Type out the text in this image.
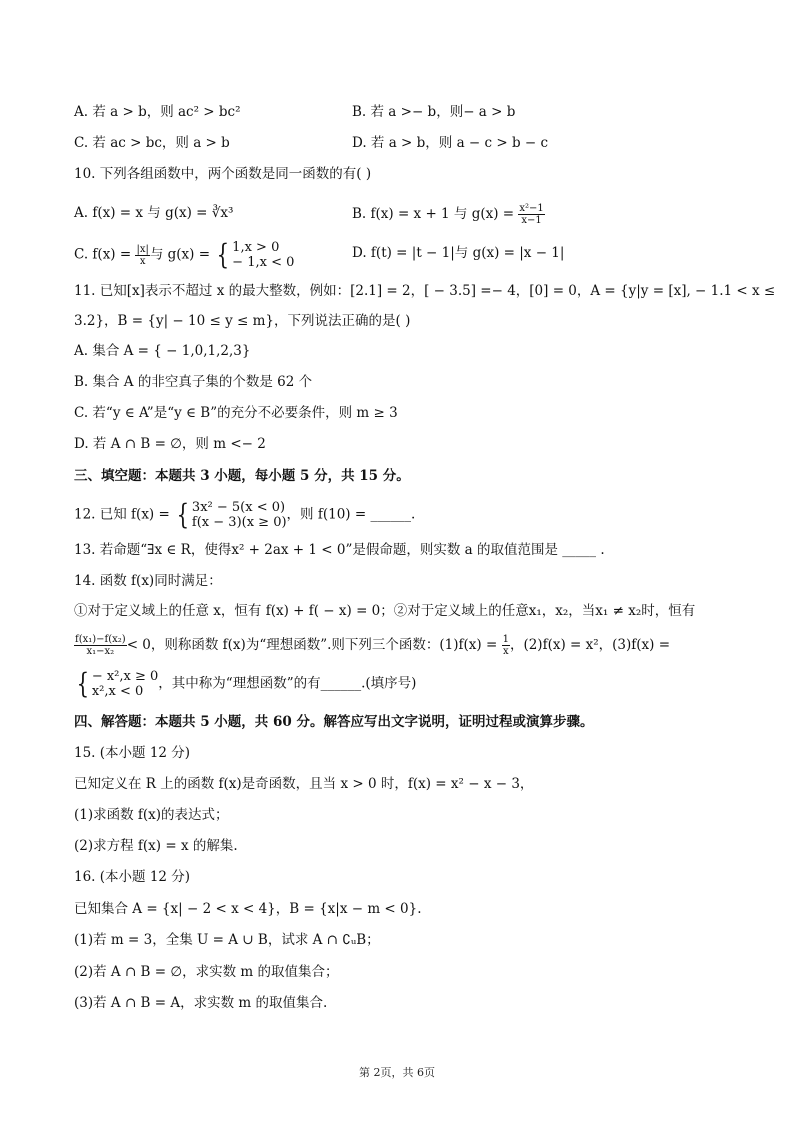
A. 若 a > b，则 ac² > bc²	B. 若 a >− b，则− a > b
C. 若 ac > bc，则 a > b	D. 若 a > b，则 a − c > b − c
10. 下列各组函数中，两个函数是同一函数的有( )
A. f(x) = x 与 g(x) = ∛x³	B. f(x) = x + 1 与 $g(x) = \frac{\text{x²−1}}{x-1}$
C. $f(x) = \frac{|x|}{x}$ 与 g(x) = { 1,x > 0
− 1,x < 0
D. f(t) = |t − 1|与 g(x) = |x − 1|
11. 已知[x]表示不超过 x 的最大整数，例如：[2.1] = 2，[ − 3.5] =− 4，[0] = 0，A = {y|y = [x], − 1.1 < x ≤
3.2}，B = {y| − 10 ≤ y ≤ m}，下列说法正确的是( )
A. 集合 A = { − 1,0,1,2,3}
B. 集合 A 的非空真子集的个数是 62 个
C. 若“y ∈ A”是“y ∈ B”的充分不必要条件，则 m ≥ 3
D. 若 A ∩ B = ∅，则 m <− 2
三、填空题：本题共 3 小题，每小题 5 分，共 15 分。
12. 已知 f(x) = { 3x² − 5(x < 0)
f(x − 3)(x ≥ 0) ，则 f(10) = ______.
13. 若命题“∃x ∈ R，使得x² + 2ax + 1 < 0”是假命题，则实数 a 的取值范围是 _____ .
14. 函数 f(x)同时满足：
①对于定义域上的任意 x，恒有 f(x) + f( − x) = 0；②对于定义域上的任意x₁，x₂，当x₁ ≠ x₂时，恒有
$\frac{\text{f(x₁)−f(x₂)}}{\text{x₁−x₂}} < 0$，则称函数 f(x)为“理想函数”.则下列三个函数：$(1)f(x) = \frac{1}{x}$ ，(2)f(x) = x²，(3)f(x) =
{ − x²,x ≥ 0
x²,x < 0	，其中称为“理想函数”的有______.(填序号)
四、解答题：本题共 5 小题，共 60 分。解答应写出文字说明，证明过程或演算步骤。
15. (本小题 12 分)
已知定义在 R 上的函数 f(x)是奇函数，且当 x > 0 时，f(x) = x² − x − 3，
(1)求函数 f(x)的表达式；
(2)求方程 f(x) = x 的解集.
16. (本小题 12 分)
已知集合 A = {x| − 2 < x < 4}，B = {x|x − m < 0}.
(1)若 m = 3，全集 U = A ∪ B，试求 A ∩ ∁ᵤB；
(2)若 A ∩ B = ∅，求实数 m 的取值集合；
(3)若 A ∩ B = A，求实数 m 的取值集合.
第 2页，共 6页
